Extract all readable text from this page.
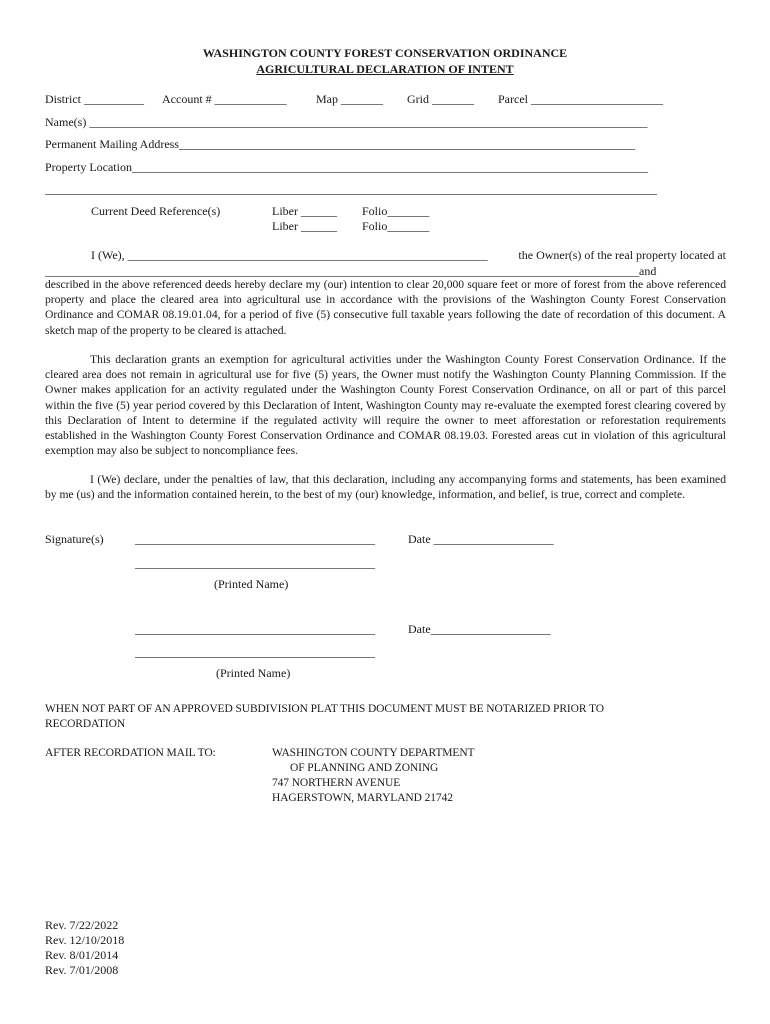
WASHINGTON COUNTY FOREST CONSERVATION ORDINANCE
AGRICULTURAL DECLARATION OF INTENT
District __________ Account # ____________ Map _______ Grid _______ Parcel ______________________
Name(s) _____________________________________________________________________________________________
Permanent Mailing Address____________________________________________________________________________
Property Location______________________________________________________________________________________
______________________________________________________________________________________________________
Current Deed Reference(s)	Liber ______ Folio_______
Liber ______ Folio_______
I (We), ____________________________________________________________	the Owner(s) of the real property located at
___________________________________________________________________________________________________and
described in the above referenced deeds hereby declare my (our) intention to clear 20,000 square feet or more of forest from the above referenced property and place the cleared area into agricultural use in accordance with the provisions of the Washington County Forest Conservation Ordinance and COMAR 08.19.01.04, for a period of five (5) consecutive full taxable years following the date of recordation of this document. A sketch map of the property to be cleared is attached.
This declaration grants an exemption for agricultural activities under the Washington County Forest Conservation Ordinance. If the cleared area does not remain in agricultural use for five (5) years, the Owner must notify the Washington County Planning Commission. If the Owner makes application for an activity regulated under the Washington County Forest Conservation Ordinance, on all or part of this parcel within the five (5) year period covered by this Declaration of Intent, Washington County may re-evaluate the exempted forest clearing covered by this Declaration of Intent to determine if the regulated activity will require the owner to meet afforestation or reforestation requirements established in the Washington County Forest Conservation Ordinance and COMAR 08.19.03. Forested areas cut in violation of this agricultural exemption may also be subject to noncompliance fees.
I (We) declare, under the penalties of law, that this declaration, including any accompanying forms and statements, has been examined by me (us) and the information contained herein, to the best of my (our) knowledge, information, and belief, is true, correct and complete.
Signature(s)	________________________________________	Date ____________________
________________________________________
(Printed Name)
________________________________________	Date____________________
________________________________________
(Printed Name)
WHEN NOT PART OF AN APPROVED SUBDIVISION PLAT THIS DOCUMENT MUST BE NOTARIZED PRIOR TO
RECORDATION
AFTER RECORDATION MAIL TO:	WASHINGTON COUNTY DEPARTMENT
OF PLANNING AND ZONING
747 NORTHERN AVENUE
HAGERSTOWN, MARYLAND 21742
Rev. 7/22/2022
Rev. 12/10/2018
Rev. 8/01/2014
Rev. 7/01/2008
